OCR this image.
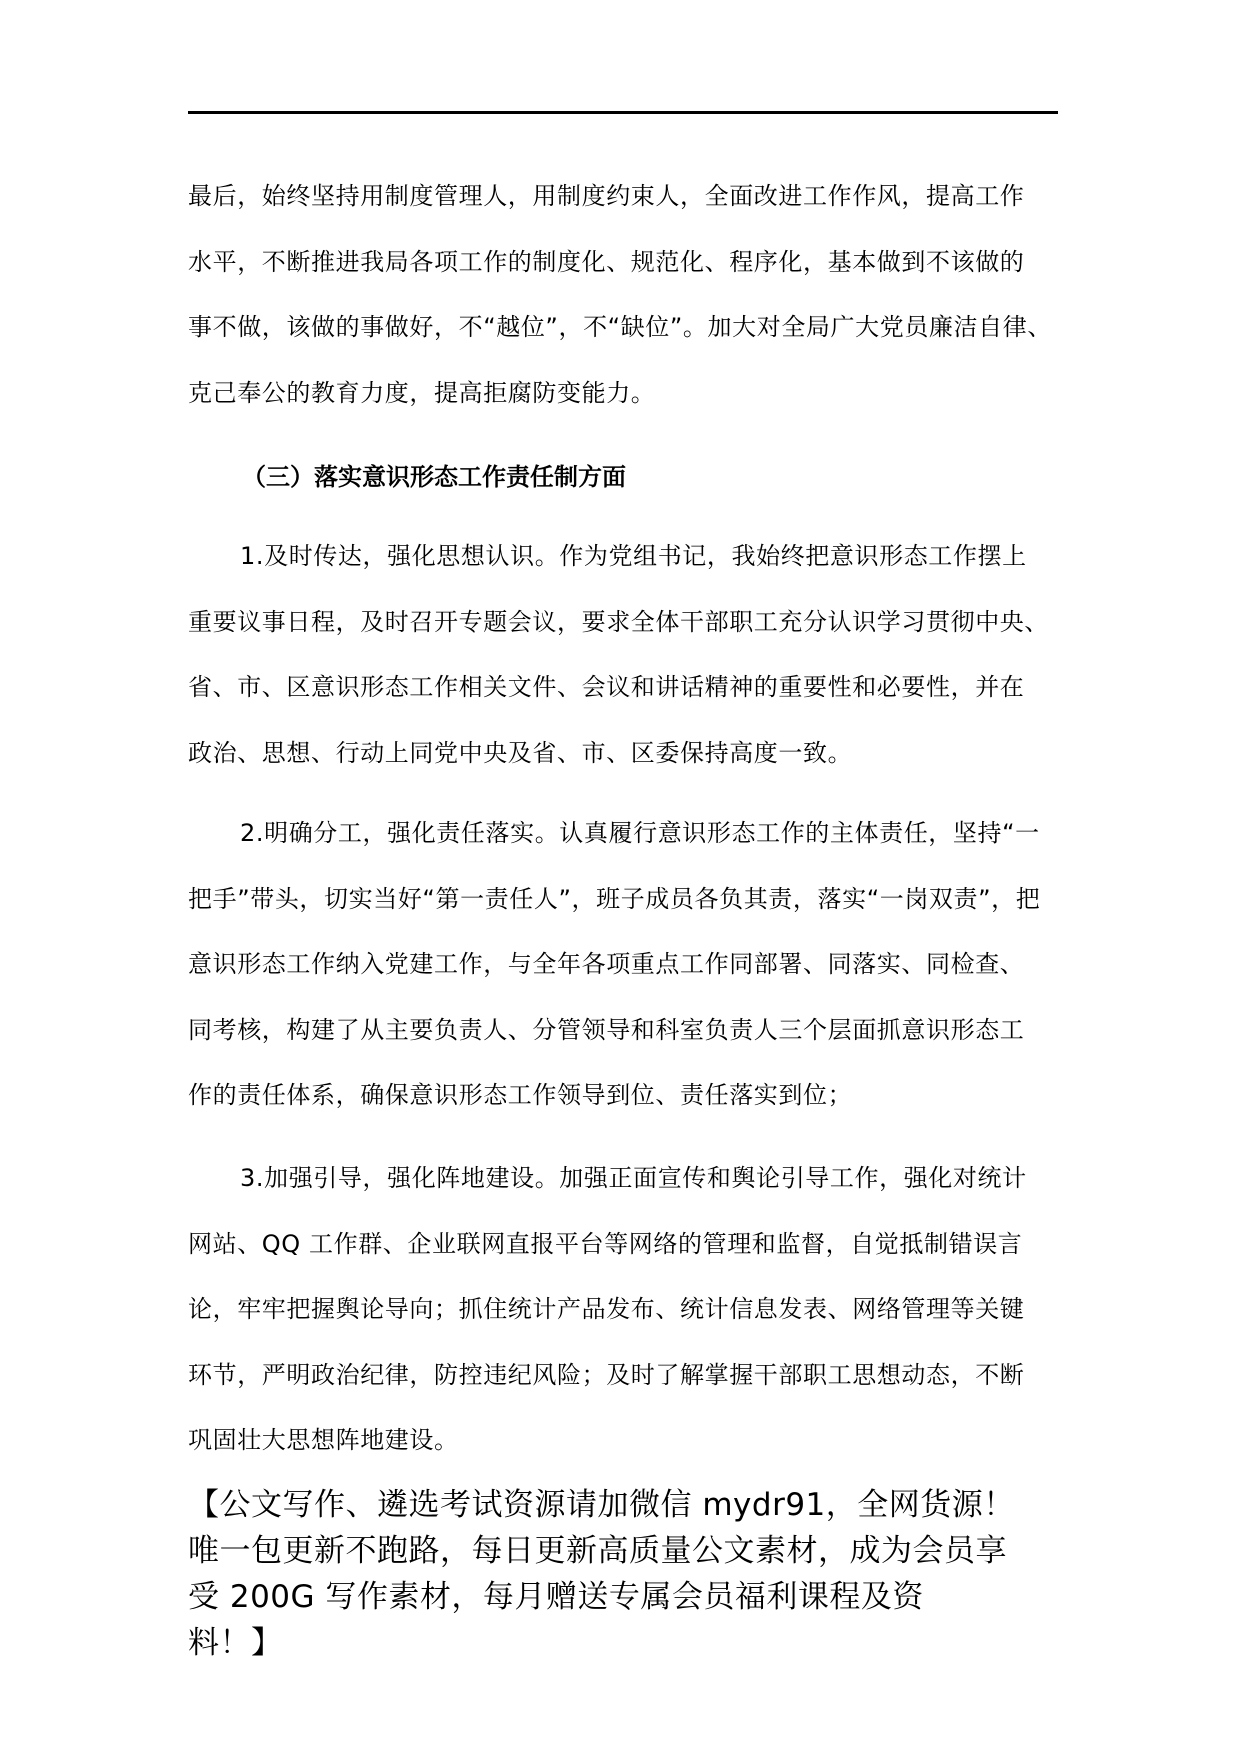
最后，始终坚持用制度管理人，用制度约束人，全面改进工作作风，提高工作
水平，不断推进我局各项工作的制度化、规范化、程序化，基本做到不该做的
事不做，该做的事做好，不“越位”，不“缺位”。加大对全局广大党员廉洁自律、
克己奉公的教育力度，提高拒腐防变能力。
（三）落实意识形态工作责任制方面
1.及时传达，强化思想认识。作为党组书记，我始终把意识形态工作摆上
重要议事日程，及时召开专题会议，要求全体干部职工充分认识学习贯彻中央、
省、市、区意识形态工作相关文件、会议和讲话精神的重要性和必要性，并在
政治、思想、行动上同党中央及省、市、区委保持高度一致。
2.明确分工，强化责任落实。认真履行意识形态工作的主体责任，坚持“一
把手”带头，切实当好“第一责任人”，班子成员各负其责，落实“一岗双责”，把
意识形态工作纳入党建工作，与全年各项重点工作同部署、同落实、同检查、
同考核，构建了从主要负责人、分管领导和科室负责人三个层面抓意识形态工
作的责任体系，确保意识形态工作领导到位、责任落实到位；
3.加强引导，强化阵地建设。加强正面宣传和舆论引导工作，强化对统计
网站、QQ 工作群、企业联网直报平台等网络的管理和监督，自觉抵制错误言
论，牢牢把握舆论导向；抓住统计产品发布、统计信息发表、网络管理等关键
环节，严明政治纪律，防控违纪风险；及时了解掌握干部职工思想动态，不断
巩固壮大思想阵地建设。
【公文写作、遴选考试资源请加微信 mydr91，全网货源！
唯一包更新不跑路，每日更新高质量公文素材，成为会员享
受 200G 写作素材，每月赠送专属会员福利课程及资
料！】
